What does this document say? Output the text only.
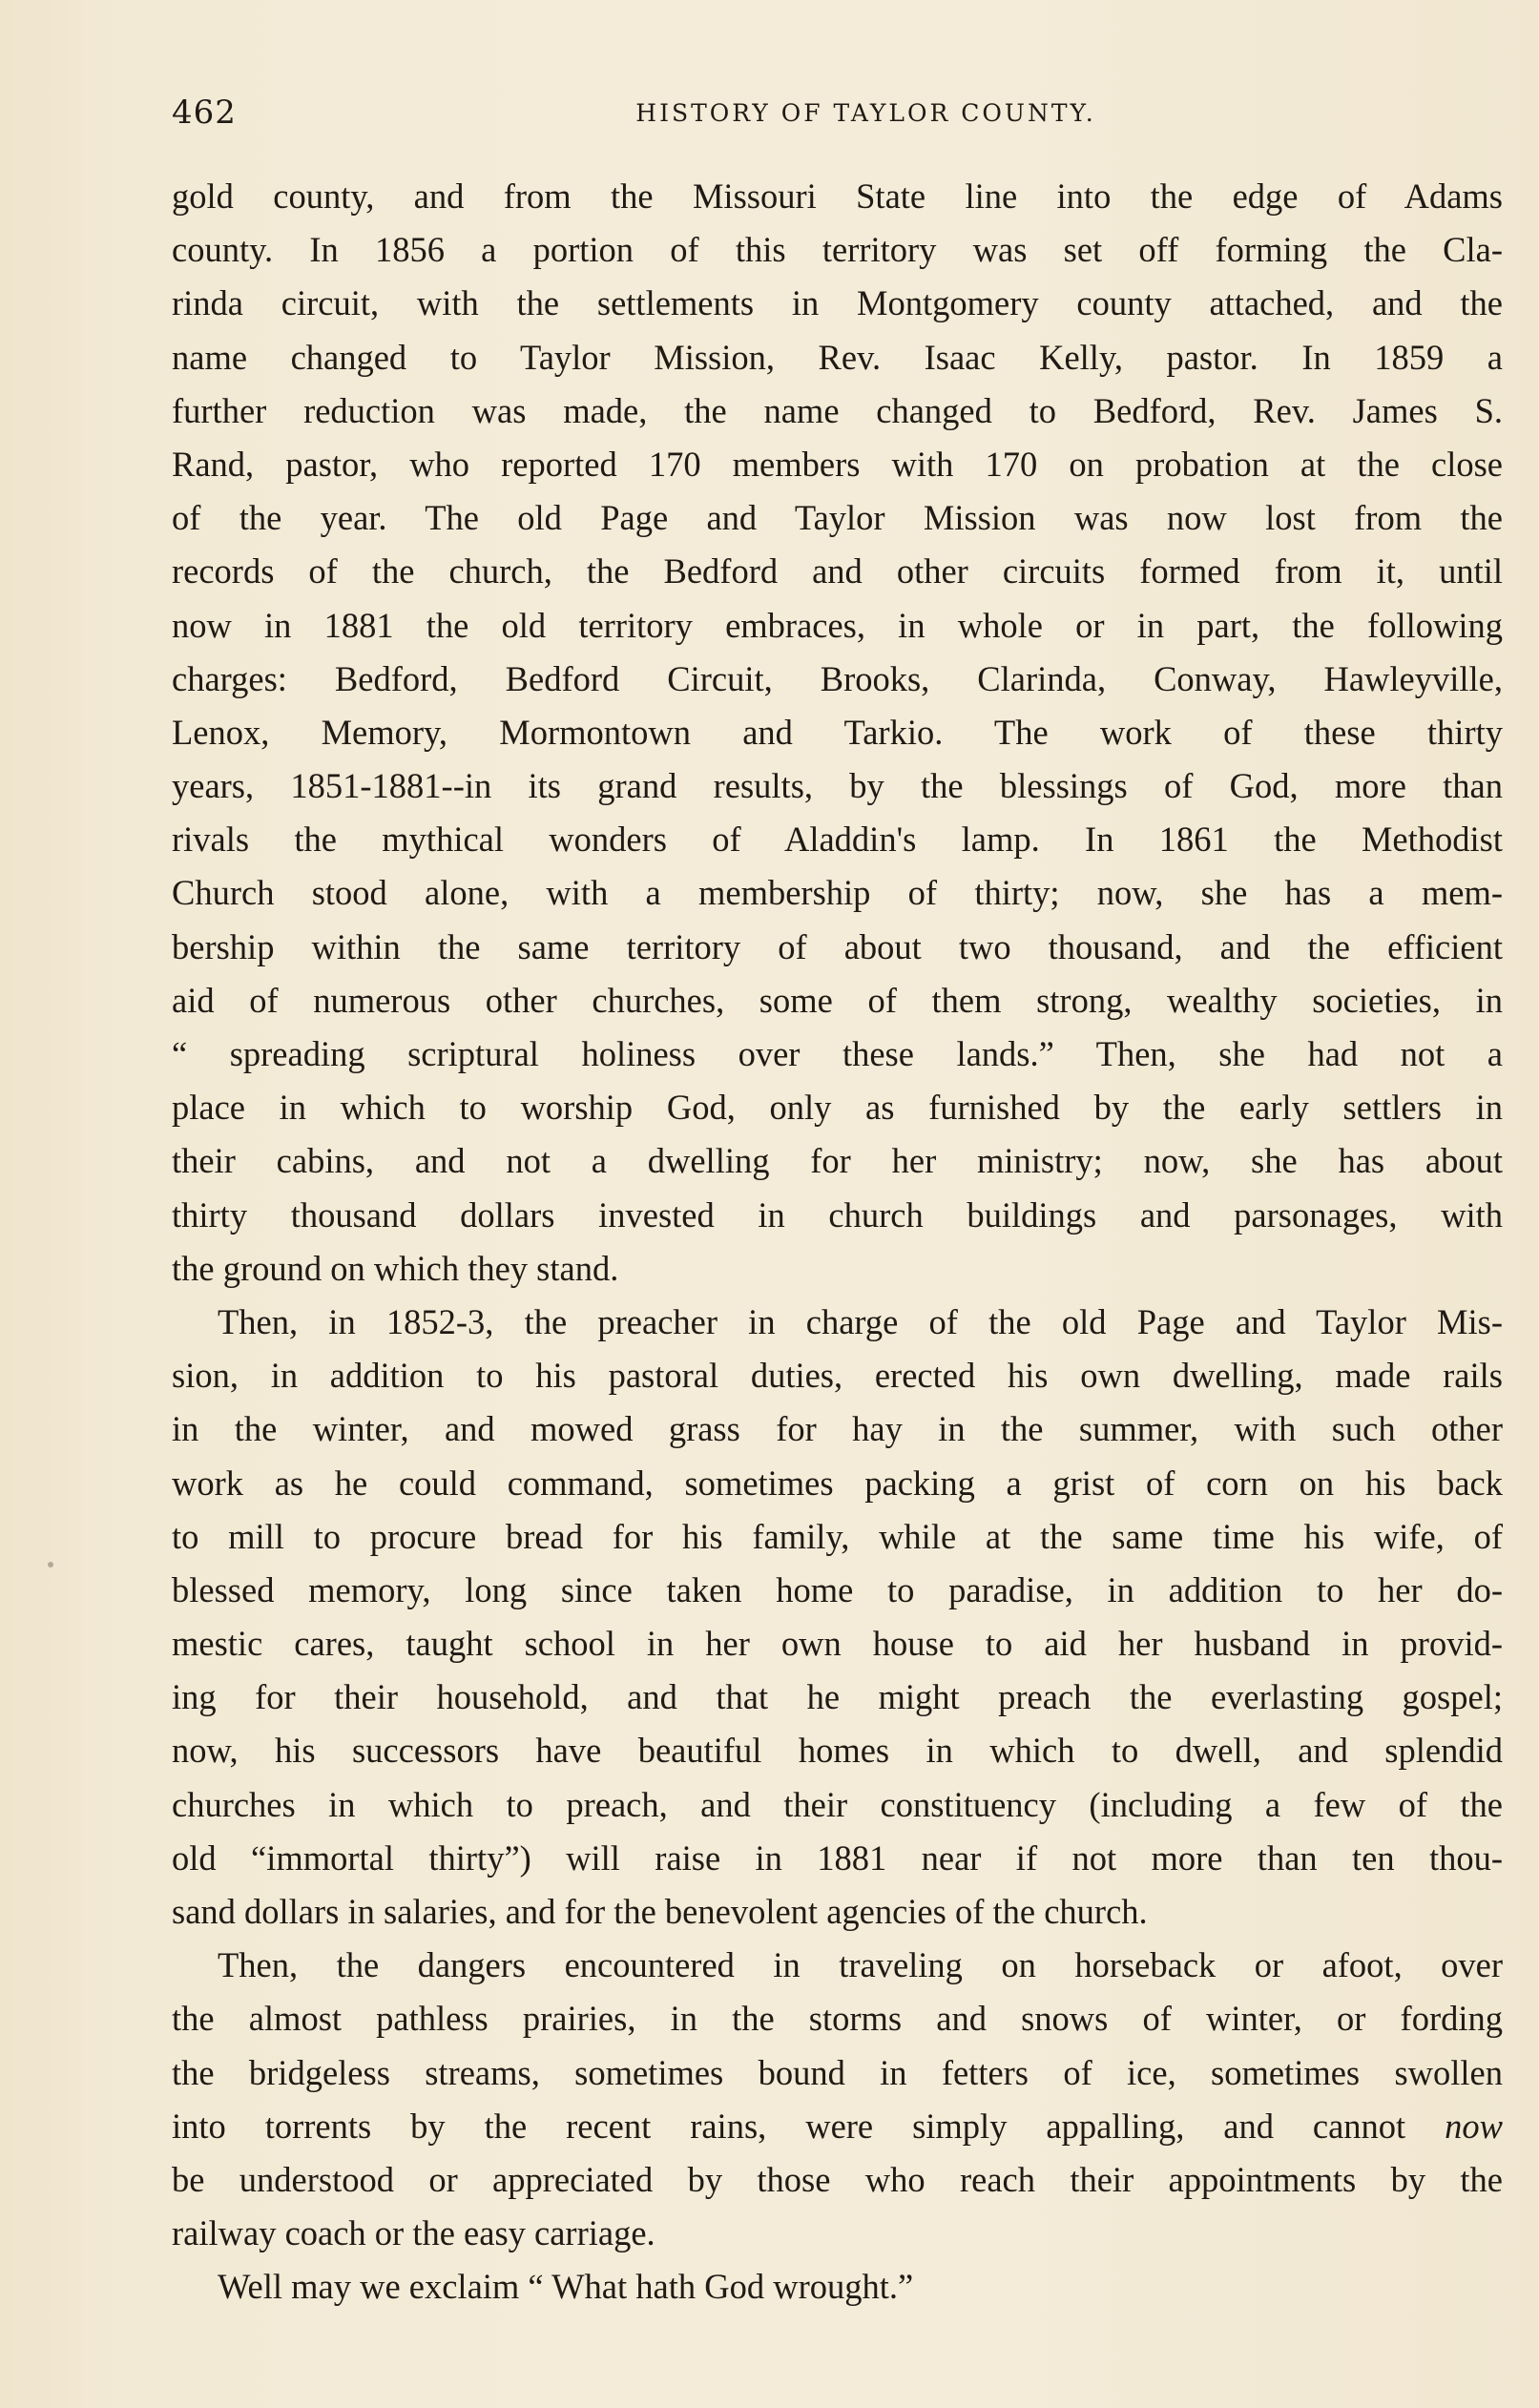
462	HISTORY OF TAYLOR COUNTY.
gold county, and from the Missouri State line into the edge of Adams
county. In 1856 a portion of this territory was set off forming the Cla-
rinda circuit, with the settlements in Montgomery county attached, and the
name changed to Taylor Mission, Rev. Isaac Kelly, pastor. In 1859 a
further reduction was made, the name changed to Bedford, Rev. James S.
Rand, pastor, who reported 170 members with 170 on probation at the close
of the year. The old Page and Taylor Mission was now lost from the
records of the church, the Bedford and other circuits formed from it, until
now in 1881 the old territory embraces, in whole or in part, the following
charges: Bedford, Bedford Circuit, Brooks, Clarinda, Conway, Hawleyville,
Lenox, Memory, Mormontown and Tarkio. The work of these thirty
years, 1851-1881--in its grand results, by the blessings of God, more than
rivals the mythical wonders of Aladdin's lamp. In 1861 the Methodist
Church stood alone, with a membership of thirty; now, she has a mem-
bership within the same territory of about two thousand, and the efficient
aid of numerous other churches, some of them strong, wealthy societies, in
“ spreading scriptural holiness over these lands.” Then, she had not a
place in which to worship God, only as furnished by the early settlers in
their cabins, and not a dwelling for her ministry; now, she has about
thirty thousand dollars invested in church buildings and parsonages, with
the ground on which they stand.
Then, in 1852-3, the preacher in charge of the old Page and Taylor Mis-
sion, in addition to his pastoral duties, erected his own dwelling, made rails
in the winter, and mowed grass for hay in the summer, with such other
work as he could command, sometimes packing a grist of corn on his back
to mill to procure bread for his family, while at the same time his wife, of
blessed memory, long since taken home to paradise, in addition to her do-
mestic cares, taught school in her own house to aid her husband in provid-
ing for their household, and that he might preach the everlasting gospel;
now, his successors have beautiful homes in which to dwell, and splendid
churches in which to preach, and their constituency (including a few of the
old “immortal thirty”) will raise in 1881 near if not more than ten thou-
sand dollars in salaries, and for the benevolent agencies of the church.
Then, the dangers encountered in traveling on horseback or afoot, over
the almost pathless prairies, in the storms and snows of winter, or fording
the bridgeless streams, sometimes bound in fetters of ice, sometimes swollen
into torrents by the recent rains, were simply appalling, and cannot now
be understood or appreciated by those who reach their appointments by the
railway coach or the easy carriage.
Well may we exclaim “ What hath God wrought.”
